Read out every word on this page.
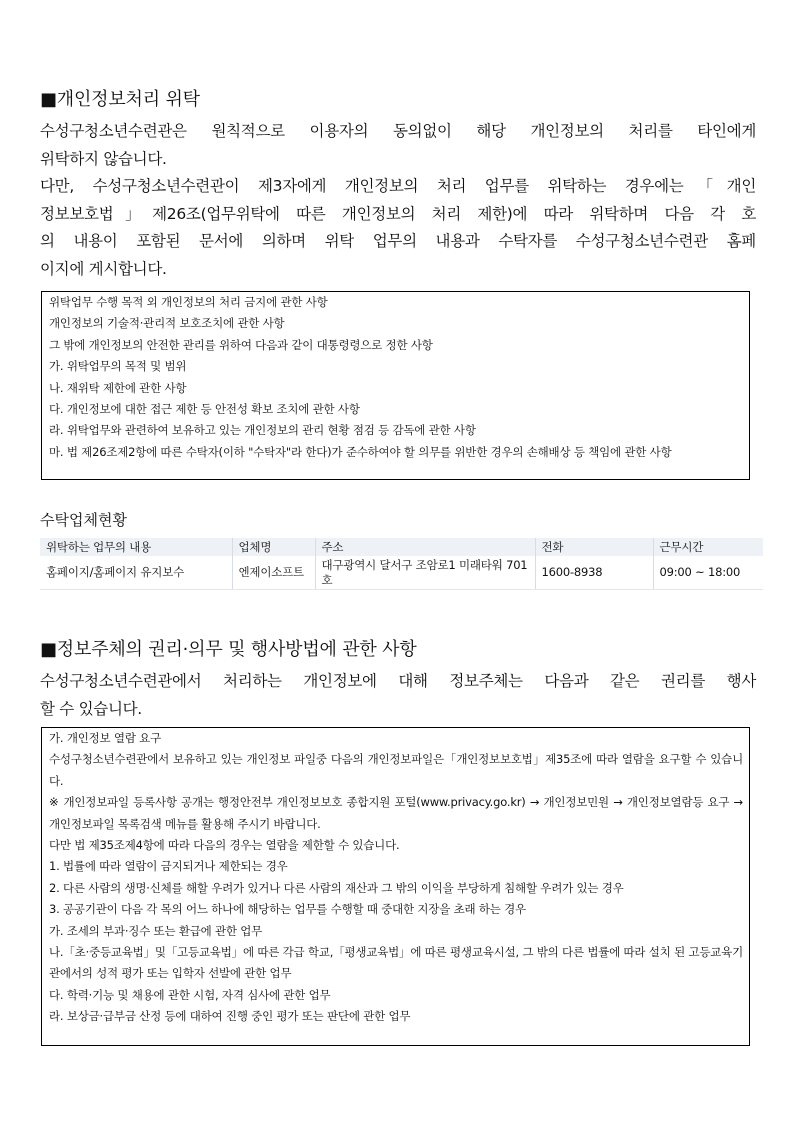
■개인정보처리 위탁

수성구청소년수련관은 원칙적으로 이용자의 동의없이 해당 개인정보의 처리를 타인에게

위탁하지 않습니다.

다만, 수성구청소년수련관이 제3자에게 개인정보의 처리 업무를 위탁하는 경우에는「개인

정보보호법」제26조(업무위탁에 따른 개인정보의 처리 제한)에 따라 위탁하며 다음 각 호

의 내용이 포함된 문서에 의하며 위탁 업무의 내용과 수탁자를 수성구청소년수련관 홈페

이지에 게시합니다.

위탁업무 수행 목적 외 개인정보의 처리 금지에 관한 사항
개인정보의 기술적·관리적 보호조치에 관한 사항
그 밖에 개인정보의 안전한 관리를 위하여 다음과 같이 대통령령으로 정한 사항
가. 위탁업무의 목적 및 범위
나. 재위탁 제한에 관한 사항
다. 개인정보에 대한 접근 제한 등 안전성 확보 조치에 관한 사항
라. 위탁업무와 관련하여 보유하고 있는 개인정보의 관리 현황 점검 등 감독에 관한 사항
마. 법 제26조제2항에 따른 수탁자(이하 "수탁자"라 한다)가 준수하여야 할 의무를 위반한 경우의 손해배상 등 책임에 관한 사항
수탁업체현황
위탁하는 업무의 내용	업체명	주소	전화	근무시간
홈페이지/홈페이지 유지보수	엔제이소프트	대구광역시 달서구 조암로1 미래타워 701호	1600-8938	09:00 ~ 18:00
■정보주체의 권리·의무 및 행사방법에 관한 사항

수성구청소년수련관에서 처리하는 개인정보에 대해 정보주체는 다음과 같은 권리를 행사

할 수 있습니다.

가. 개인정보 열람 요구
수성구청소년수련관에서 보유하고 있는 개인정보 파일중 다음의 개인정보파일은「개인정보보호법」제35조에 따라 열람을 요구할 수 있습니다.
※ 개인정보파일 등록사항 공개는 행정안전부 개인정보보호 종합지원 포털(www.privacy.go.kr) → 개인정보민원 → 개인정보열람등 요구 → 개인정보파일 목록검색 메뉴를 활용해 주시기 바랍니다.
다만 법 제35조제4항에 따라 다음의 경우는 열람을 제한할 수 있습니다.
1. 법률에 따라 열람이 금지되거나 제한되는 경우
2. 다른 사람의 생명·신체를 해할 우려가 있거나 다른 사람의 재산과 그 밖의 이익을 부당하게 침해할 우려가 있는 경우
3. 공공기관이 다음 각 목의 어느 하나에 해당하는 업무를 수행할 때 중대한 지장을 초래 하는 경우
가. 조세의 부과·징수 또는 환급에 관한 업무
나.「초·중등교육법」및「고등교육법」에 따른 각급 학교,「평생교육법」에 따른 평생교육시설, 그 밖의 다른 법률에 따라 설치 된 고등교육기관에서의 성적 평가 또는 입학자 선발에 관한 업무
다. 학력·기능 및 채용에 관한 시험, 자격 심사에 관한 업무
라. 보상금·급부금 산정 등에 대하여 진행 중인 평가 또는 판단에 관한 업무
